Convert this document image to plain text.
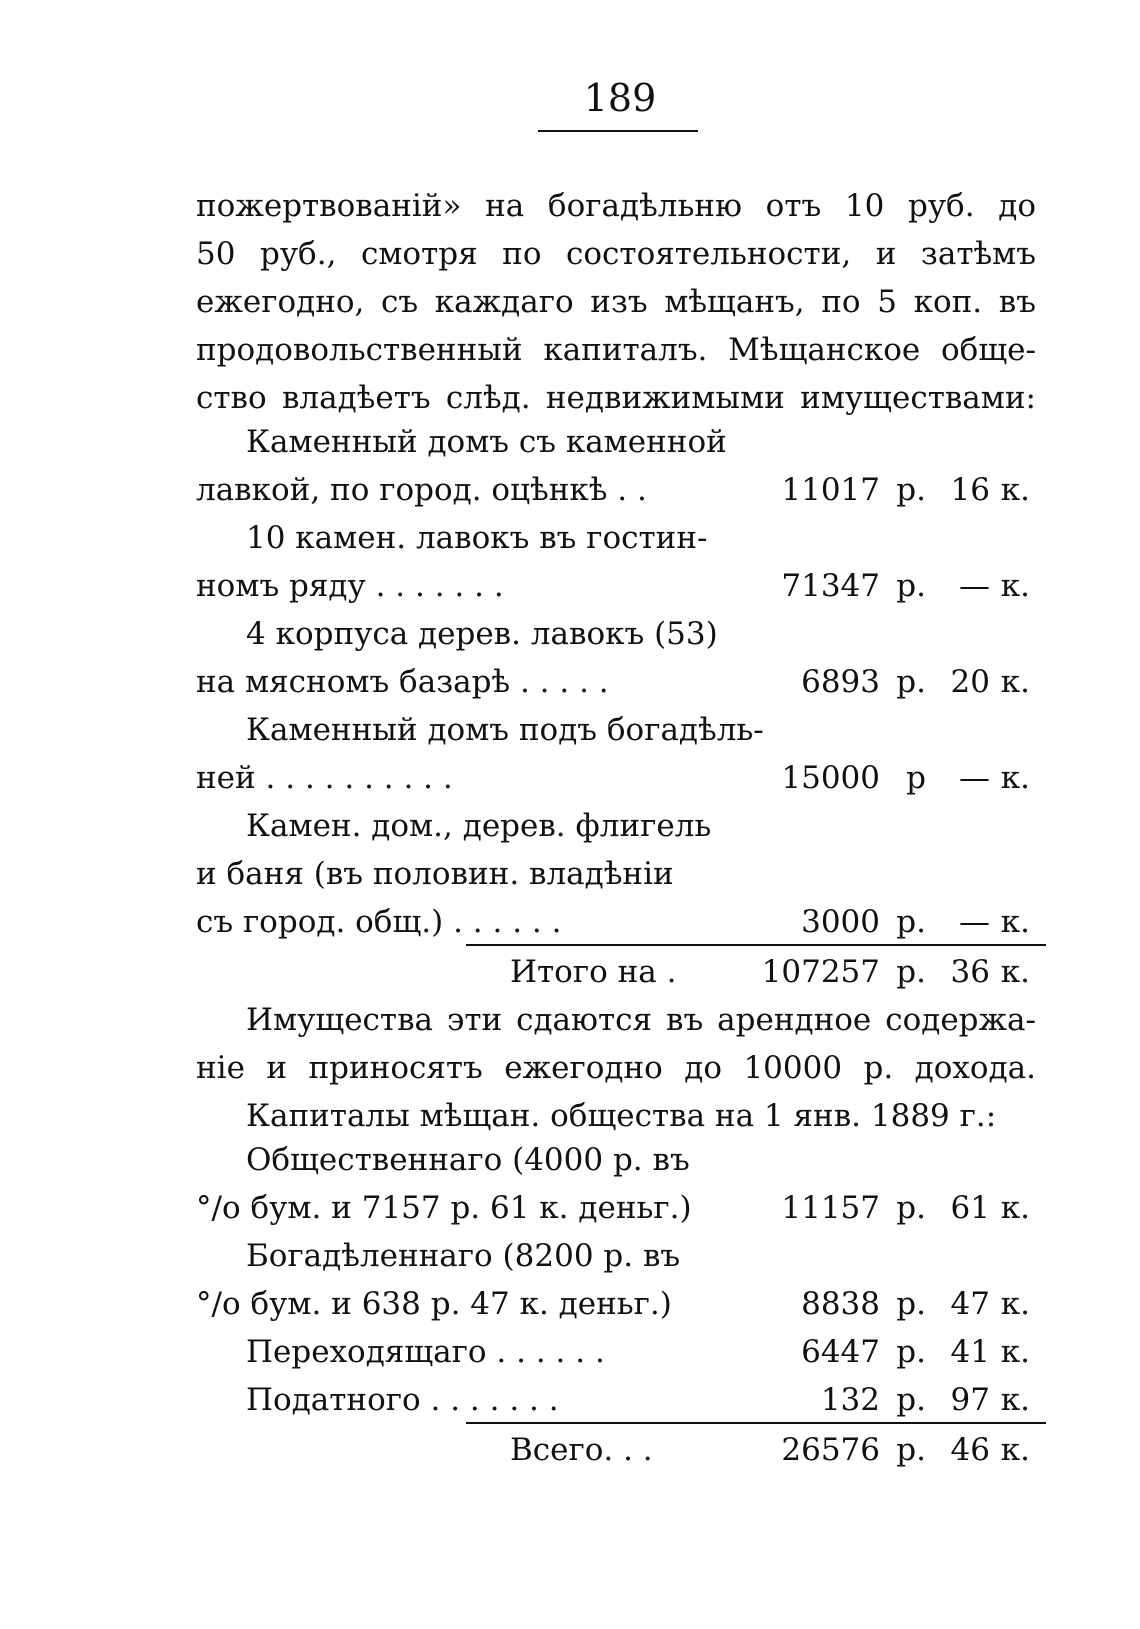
189
пожертвованій» на богадѣльню отъ 10 руб. до
50 руб., смотря по состоятельности, и затѣмъ
ежегодно, съ каждаго изъ мѣщанъ, по 5 коп. въ
продовольственный капиталъ. Мѣщанское обще-
ство владѣетъ слѣд. недвижимыми имуществами:
Каменный домъ съ каменной
лавкой, по город. оцѣнкѣ . .	11017 р. 16 к.
10 камен. лавокъ въ гостин-
номъ ряду . . . . . . .	71347 р. — к.
4 корпуса дерев. лавокъ (53)
на мясномъ базарѣ . . . . .	6893 р. 20 к.
Каменный домъ подъ богадѣль-
ней . . . . . . . . . .	15000 р — к.
Камен. дом., дерев. флигель
и баня (въ половин. владѣніи
съ город. общ.) . . . . . .	3000 р. — к.
Итого на .	107257 р. 36 к.
Имущества эти сдаются въ арендное содержа-
ніе и приносятъ ежегодно до 10000 р. дохода.
Капиталы мѣщан. общества на 1 янв. 1889 г.:
Общественнаго (4000 р. въ
°/о бум. и 7157 р. 61 к. деньг.)	11157 р. 61 к.
Богадѣленнаго (8200 р. въ
°/о бум. и 638 р. 47 к. деньг.)	8838 р. 47 к.
Переходящаго . . . . . .	6447 р. 41 к.
Податного . . . . . . .	132 р. 97 к.
Всего. . .	26576 р. 46 к.
